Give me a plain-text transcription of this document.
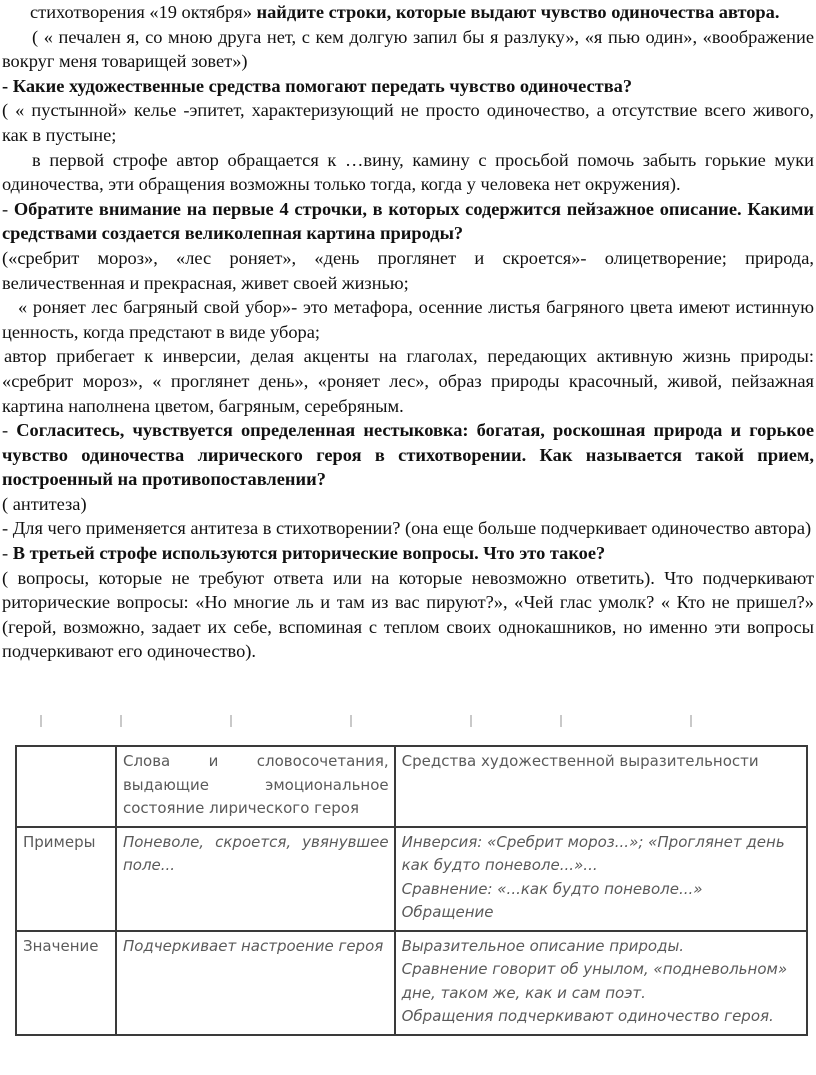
стихотворения «19 октября» найдите строки, которые выдают чувство одиночества автора.

( « печален я, со мною друга нет, с кем долгую запил бы я разлуку», «я пью один», «воображение вокруг меня товарищей зовет»)

- Какие художественные средства помогают передать чувство одиночества?

( « пустынной» келье -эпитет, характеризующий не просто одиночество, а отсутствие всего живого, как в пустыне;

в первой строфе автор обращается к …вину, камину с просьбой помочь забыть горькие муки одиночества, эти обращения возможны только тогда, когда у человека нет окружения).

- Обратите внимание на первые 4 строчки, в которых содержится пейзажное описание. Какими средствами создается великолепная картина природы?

(«сребрит мороз», «лес роняет», «день проглянет и скроется»- олицетворение; природа, величественная и прекрасная, живет своей жизнью;

« роняет лес багряный свой убор»- это метафора, осенние листья багряного цвета имеют истинную ценность, когда предстают в виде убора;

автор прибегает к инверсии, делая акценты на глаголах, передающих активную жизнь природы: «сребрит мороз», « проглянет день», «роняет лес», образ природы красочный, живой, пейзажная картина наполнена цветом, багряным, серебряным.

- Согласитесь, чувствуется определенная нестыковка: богатая, роскошная природа и горькое чувство одиночества лирического героя в стихотворении. Как называется такой прием, построенный на противопоставлении?

( антитеза)

- Для чего применяется антитеза в стихотворении? (она еще больше подчеркивает одиночество автора)

- В третьей строфе используются риторические вопросы. Что это такое?

( вопросы, которые не требуют ответа или на которые невозможно ответить). Что подчеркивают риторические вопросы: «Но многие ль и там из вас пируют?», «Чей глас умолк? « Кто не пришел?» (герой, возможно, задает их себе, вспоминая с теплом своих однокашников, но именно эти вопросы подчеркивают его одиночество).

	Слова и словосочетания, выдающие эмоциональное состояние лирического героя	Средства художественной выразительности
Примеры	Поневоле, скроется, увянувшее поле...	Инверсия: «Сребрит мороз...»; «Проглянет день как будто поневоле...»...
Сравнение: «...как будто поневоле...»
Обращение

Значение	Подчеркивает настроение героя	Выразительное описание природы.
Сравнение говорит об унылом, «подневольном» дне, таком же, как и сам поэт.
Обращения подчеркивают одиночество героя.
